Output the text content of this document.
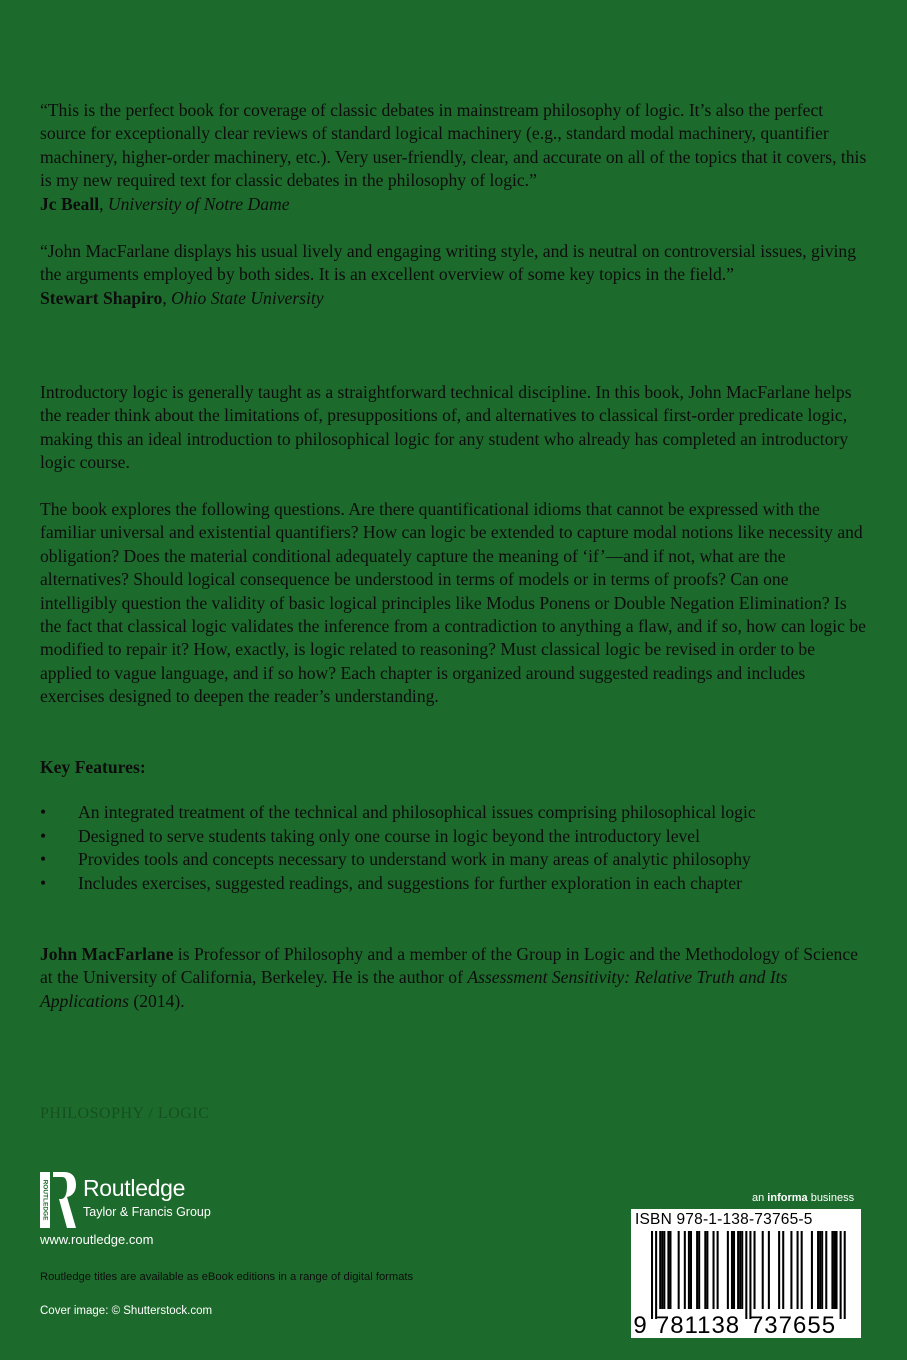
“This is the perfect book for coverage of classic debates in mainstream philosophy of logic. It’s also the perfect source for exceptionally clear reviews of standard logical machinery (e.g., standard modal machinery, quantifier machinery, higher-order machinery, etc.). Very user-friendly, clear, and accurate on all of the topics that it covers, this is my new required text for classic debates in the philosophy of logic.”
Jc Beall, University of Notre Dame
“John MacFarlane displays his usual lively and engaging writing style, and is neutral on controversial issues, giving the arguments employed by both sides. It is an excellent overview of some key topics in the field.”
Stewart Shapiro, Ohio State University

Introductory logic is generally taught as a straightforward technical discipline. In this book, John MacFarlane helps the reader think about the limitations of, presuppositions of, and alternatives to classical first-order predicate logic, making this an ideal introduction to philosophical logic for any student who already has completed an introductory logic course.

The book explores the following questions. Are there quantificational idioms that cannot be expressed with the familiar universal and existential quantifiers? How can logic be extended to capture modal notions like necessity and obligation? Does the material conditional adequately capture the meaning of ‘if’—and if not, what are the alternatives? Should logical consequence be understood in terms of models or in terms of proofs? Can one intelligibly question the validity of basic logical principles like Modus Ponens or Double Negation Elimination? Is the fact that classical logic validates the inference from a contradiction to anything a flaw, and if so, how can logic be modified to repair it? How, exactly, is logic related to reasoning? Must classical logic be revised in order to be applied to vague language, and if so how? Each chapter is organized around suggested readings and includes exercises designed to deepen the reader’s understanding.

Key Features:

• An integrated treatment of the technical and philosophical issues comprising philosophical logic
• Designed to serve students taking only one course in logic beyond the introductory level
• Provides tools and concepts necessary to understand work in many areas of analytic philosophy
• Includes exercises, suggested readings, and suggestions for further exploration in each chapter
John MacFarlane is Professor of Philosophy and a member of the Group in Logic and the Methodology of Science at the University of California, Berkeley. He is the author of Assessment Sensitivity: Relative Truth and Its Applications (2014).
PHILOSOPHY / LOGIC
ROUTLEDGE Routledge
Taylor & Francis Group
www.routledge.com
Routledge titles are available as eBook editions in a range of digital formats
Cover image: © Shutterstock.com
an informa business
9 781138 737655
ISBN 978-1-138-73765-5
